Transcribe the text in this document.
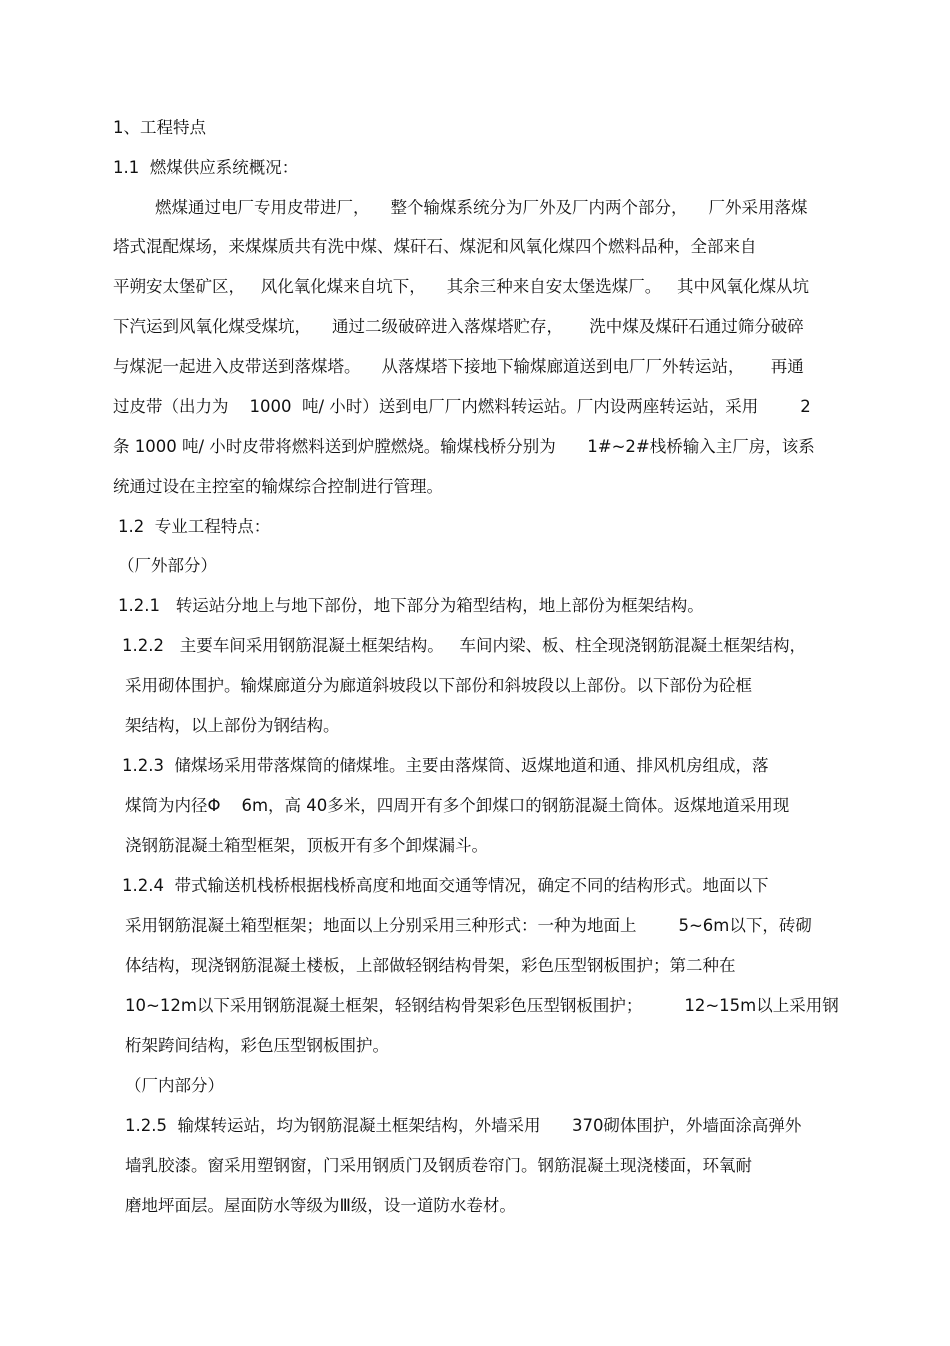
1、工程特点

1.1  燃煤供应系统概况：

燃煤通过电厂专用皮带进厂，    整个输煤系统分为厂外及厂内两个部分，    厂外采用落煤

塔式混配煤场，来煤煤质共有洗中煤、煤矸石、煤泥和风氧化煤四个燃料品种，全部来自

平朔安太堡矿区，   风化氧化煤来自坑下，    其余三种来自安太堡选煤厂。   其中风氧化煤从坑

下汽运到风氧化煤受煤坑，    通过二级破碎进入落煤塔贮存，     洗中煤及煤矸石通过筛分破碎

与煤泥一起进入皮带送到落煤塔。    从落煤塔下接地下输煤廊道送到电厂厂外转运站，     再通

过皮带（出力为    1000  吨/ 小时）送到电厂厂内燃料转运站。厂内设两座转运站，采用        2

条 1000 吨/ 小时皮带将燃料送到炉膛燃烧。输煤栈桥分别为      1#~2#栈桥输入主厂房，该系

统通过设在主控室的输煤综合控制进行管理。

1.2  专业工程特点：

（厂外部分）

1.2.1   转运站分地上与地下部份，地下部分为箱型结构，地上部份为框架结构。

1.2.2   主要车间采用钢筋混凝土框架结构。   车间内梁、板、柱全现浇钢筋混凝土框架结构，

采用砌体围护。输煤廊道分为廊道斜坡段以下部份和斜坡段以上部份。以下部份为砼框

架结构，以上部份为钢结构。

1.2.3  储煤场采用带落煤筒的储煤堆。主要由落煤筒、返煤地道和通、排风机房组成，落

煤筒为内径Φ    6m，高 40多米，四周开有多个卸煤口的钢筋混凝土筒体。返煤地道采用现

浇钢筋混凝土箱型框架，顶板开有多个卸煤漏斗。

1.2.4  带式输送机栈桥根据栈桥高度和地面交通等情况，确定不同的结构形式。地面以下

采用钢筋混凝土箱型框架；地面以上分别采用三种形式：一种为地面上        5~6m以下，砖砌

体结构，现浇钢筋混凝土楼板，上部做轻钢结构骨架，彩色压型钢板围护；第二种在

10~12m以下采用钢筋混凝土框架，轻钢结构骨架彩色压型钢板围护；        12~15m以上采用钢

桁架跨间结构，彩色压型钢板围护。

（厂内部分）

1.2.5  输煤转运站，均为钢筋混凝土框架结构，外墙采用      370砌体围护，外墙面涂高弹外

墙乳胶漆。窗采用塑钢窗，门采用钢质门及钢质卷帘门。钢筋混凝土现浇楼面，环氧耐

磨地坪面层。屋面防水等级为Ⅲ级，设一道防水卷材。
